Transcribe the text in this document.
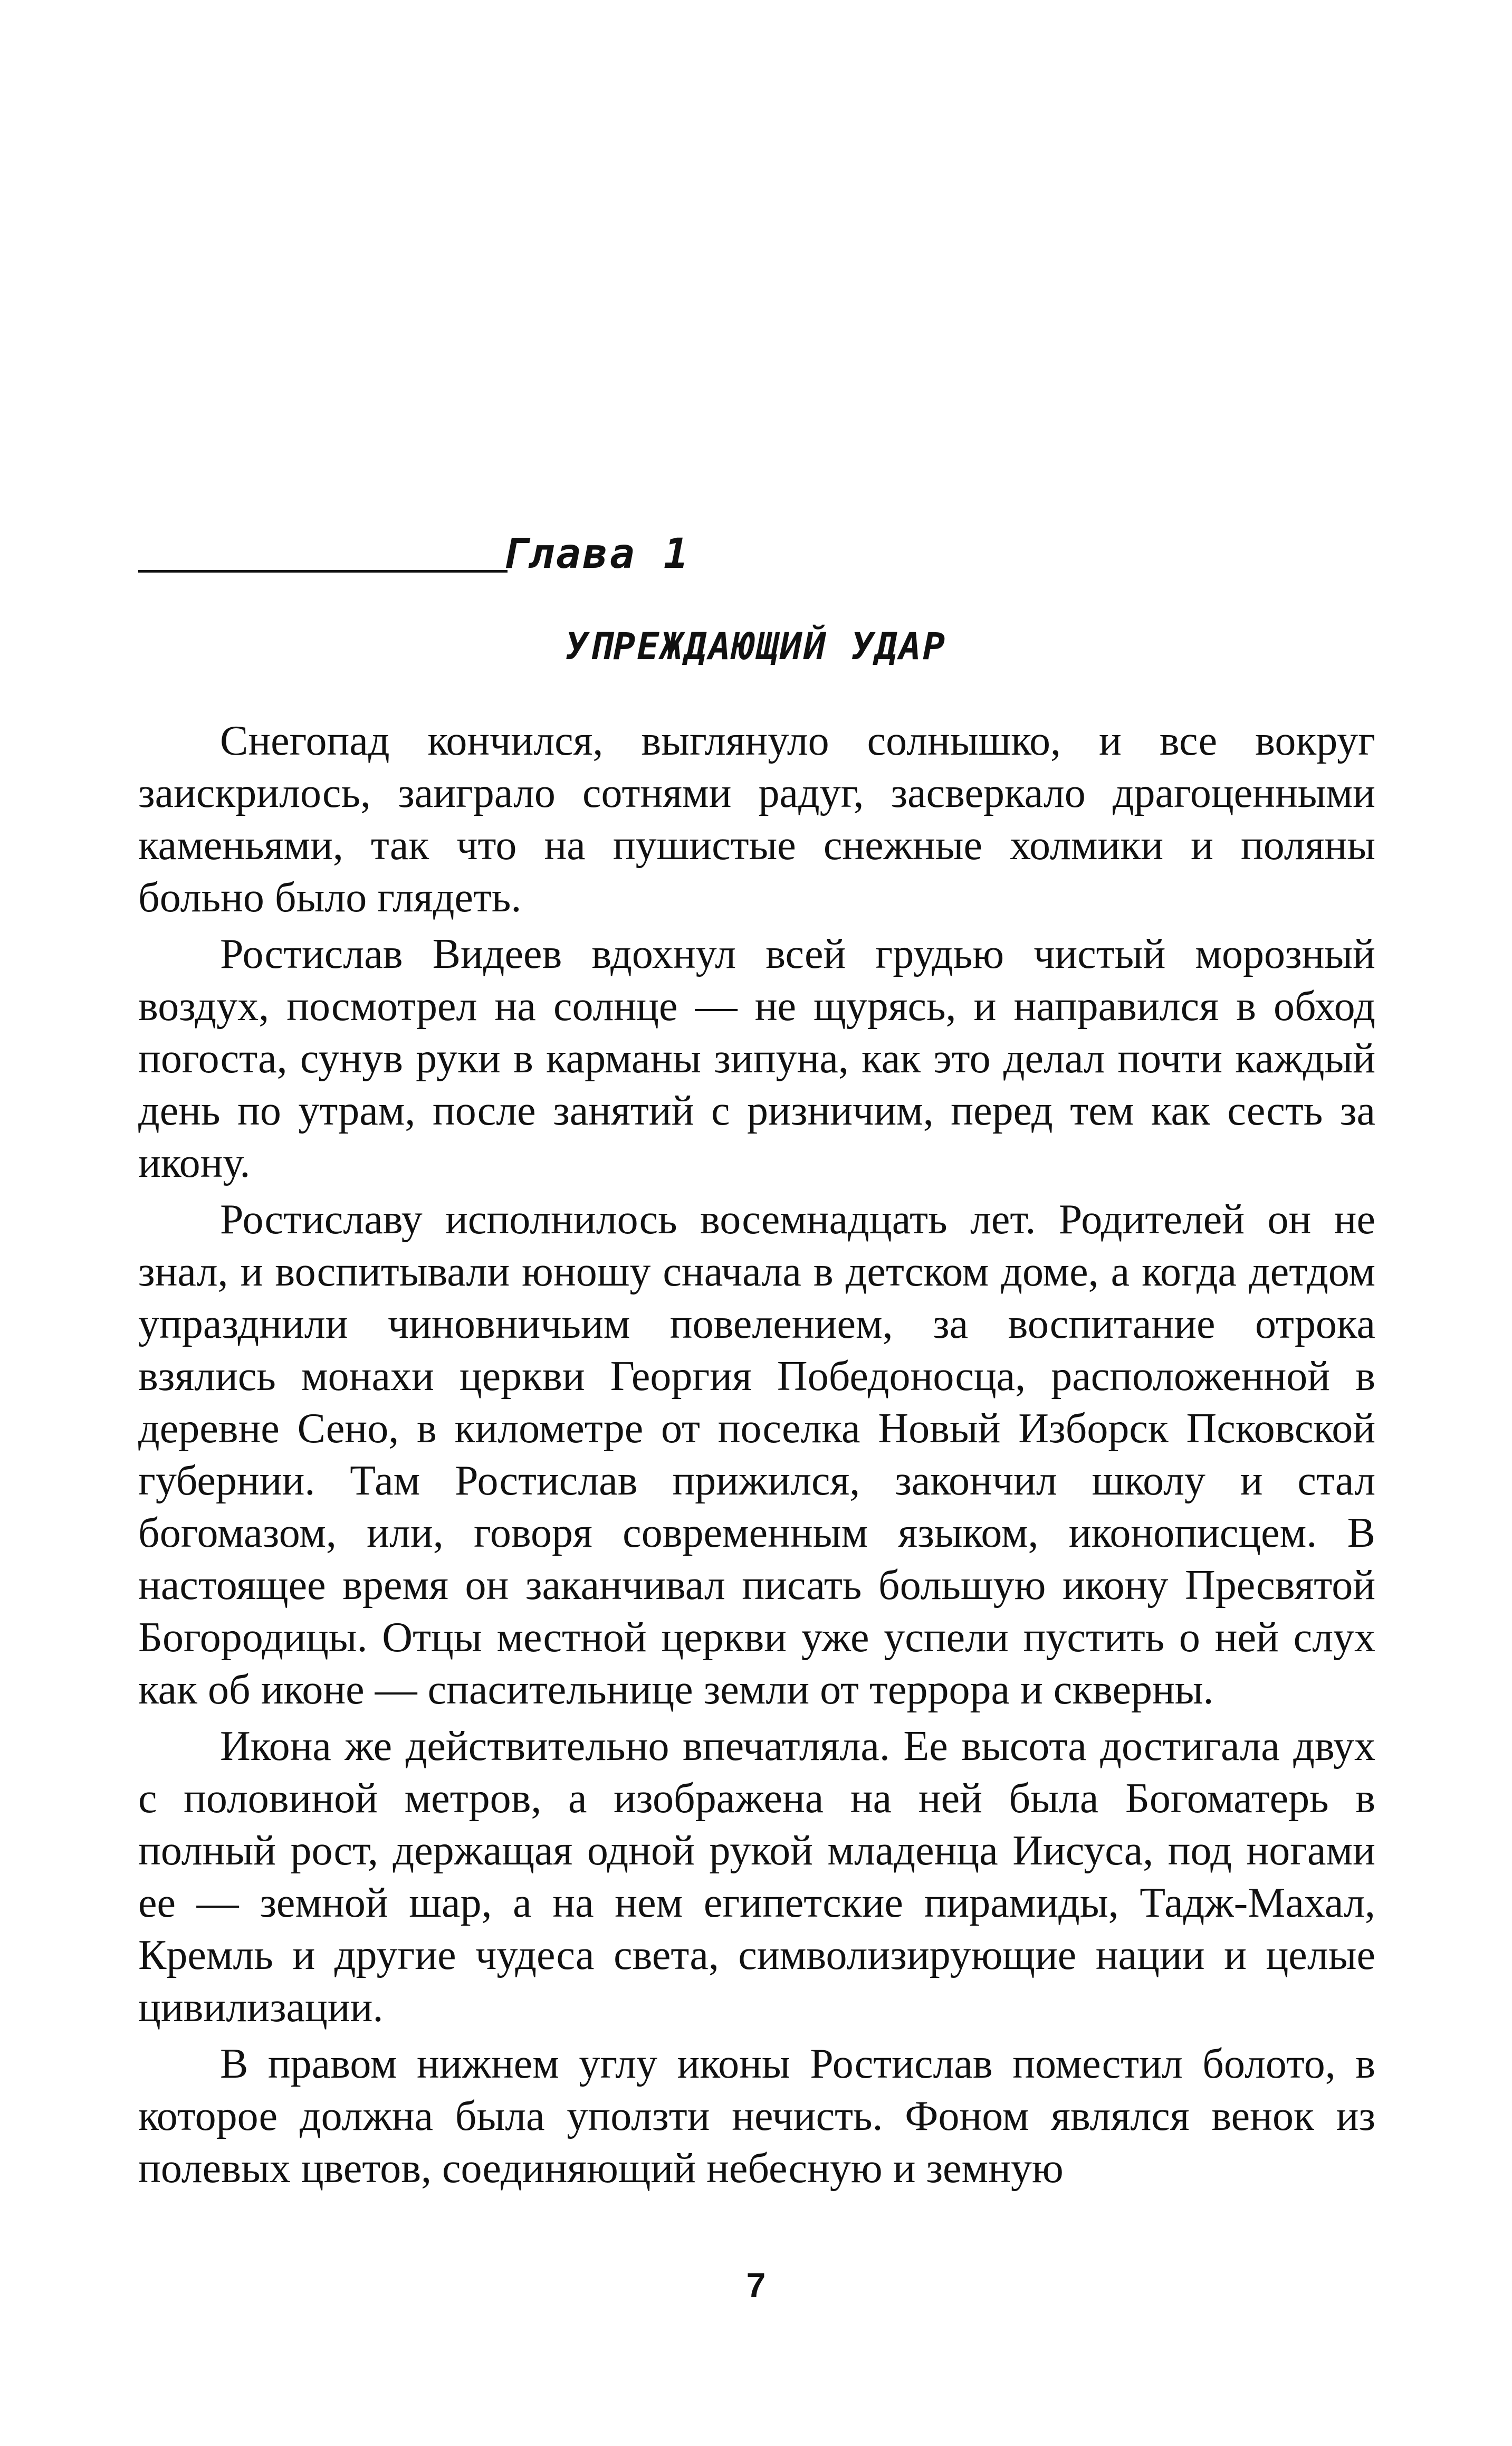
Глава 1
УПРЕЖДАЮЩИЙ УДАР

Снегопад кончился, выглянуло солнышко, и все вокруг заискрилось, заиграло сотнями радуг, засверкало драгоценными каменьями, так что на пушистые снежные холмики и поляны больно было глядеть.

Ростислав Видеев вдохнул всей грудью чистый морозный воздух, посмотрел на солнце — не щурясь, и направился в обход погоста, сунув руки в карманы зипуна, как это делал почти каждый день по утрам, после занятий с ризничим, перед тем как сесть за икону.

Ростиславу исполнилось восемнадцать лет. Родителей он не знал, и воспитывали юношу сначала в детском доме, а когда детдом упразднили чиновничьим повелением, за воспитание отрока взялись монахи церкви Георгия Победоносца, расположенной в деревне Сено, в километре от поселка Новый Изборск Псковской губернии. Там Ростислав прижился, закончил школу и стал богомазом, или, говоря современным языком, иконописцем. В настоящее время он заканчивал писать большую икону Пресвятой Богородицы. Отцы местной церкви уже успели пустить о ней слух как об иконе — спасительнице земли от террора и скверны.

Икона же действительно впечатляла. Ее высота достигала двух с половиной метров, а изображена на ней была Богоматерь в полный рост, держащая одной рукой младенца Иисуса, под ногами ее — земной шар, а на нем египетские пирамиды, Тадж-Махал, Кремль и другие чудеса света, символизирующие нации и целые цивилизации.

В правом нижнем углу иконы Ростислав поместил болото, в которое должна была уползти нечисть. Фоном являлся венок из полевых цветов, соединяющий небесную и земную

7
